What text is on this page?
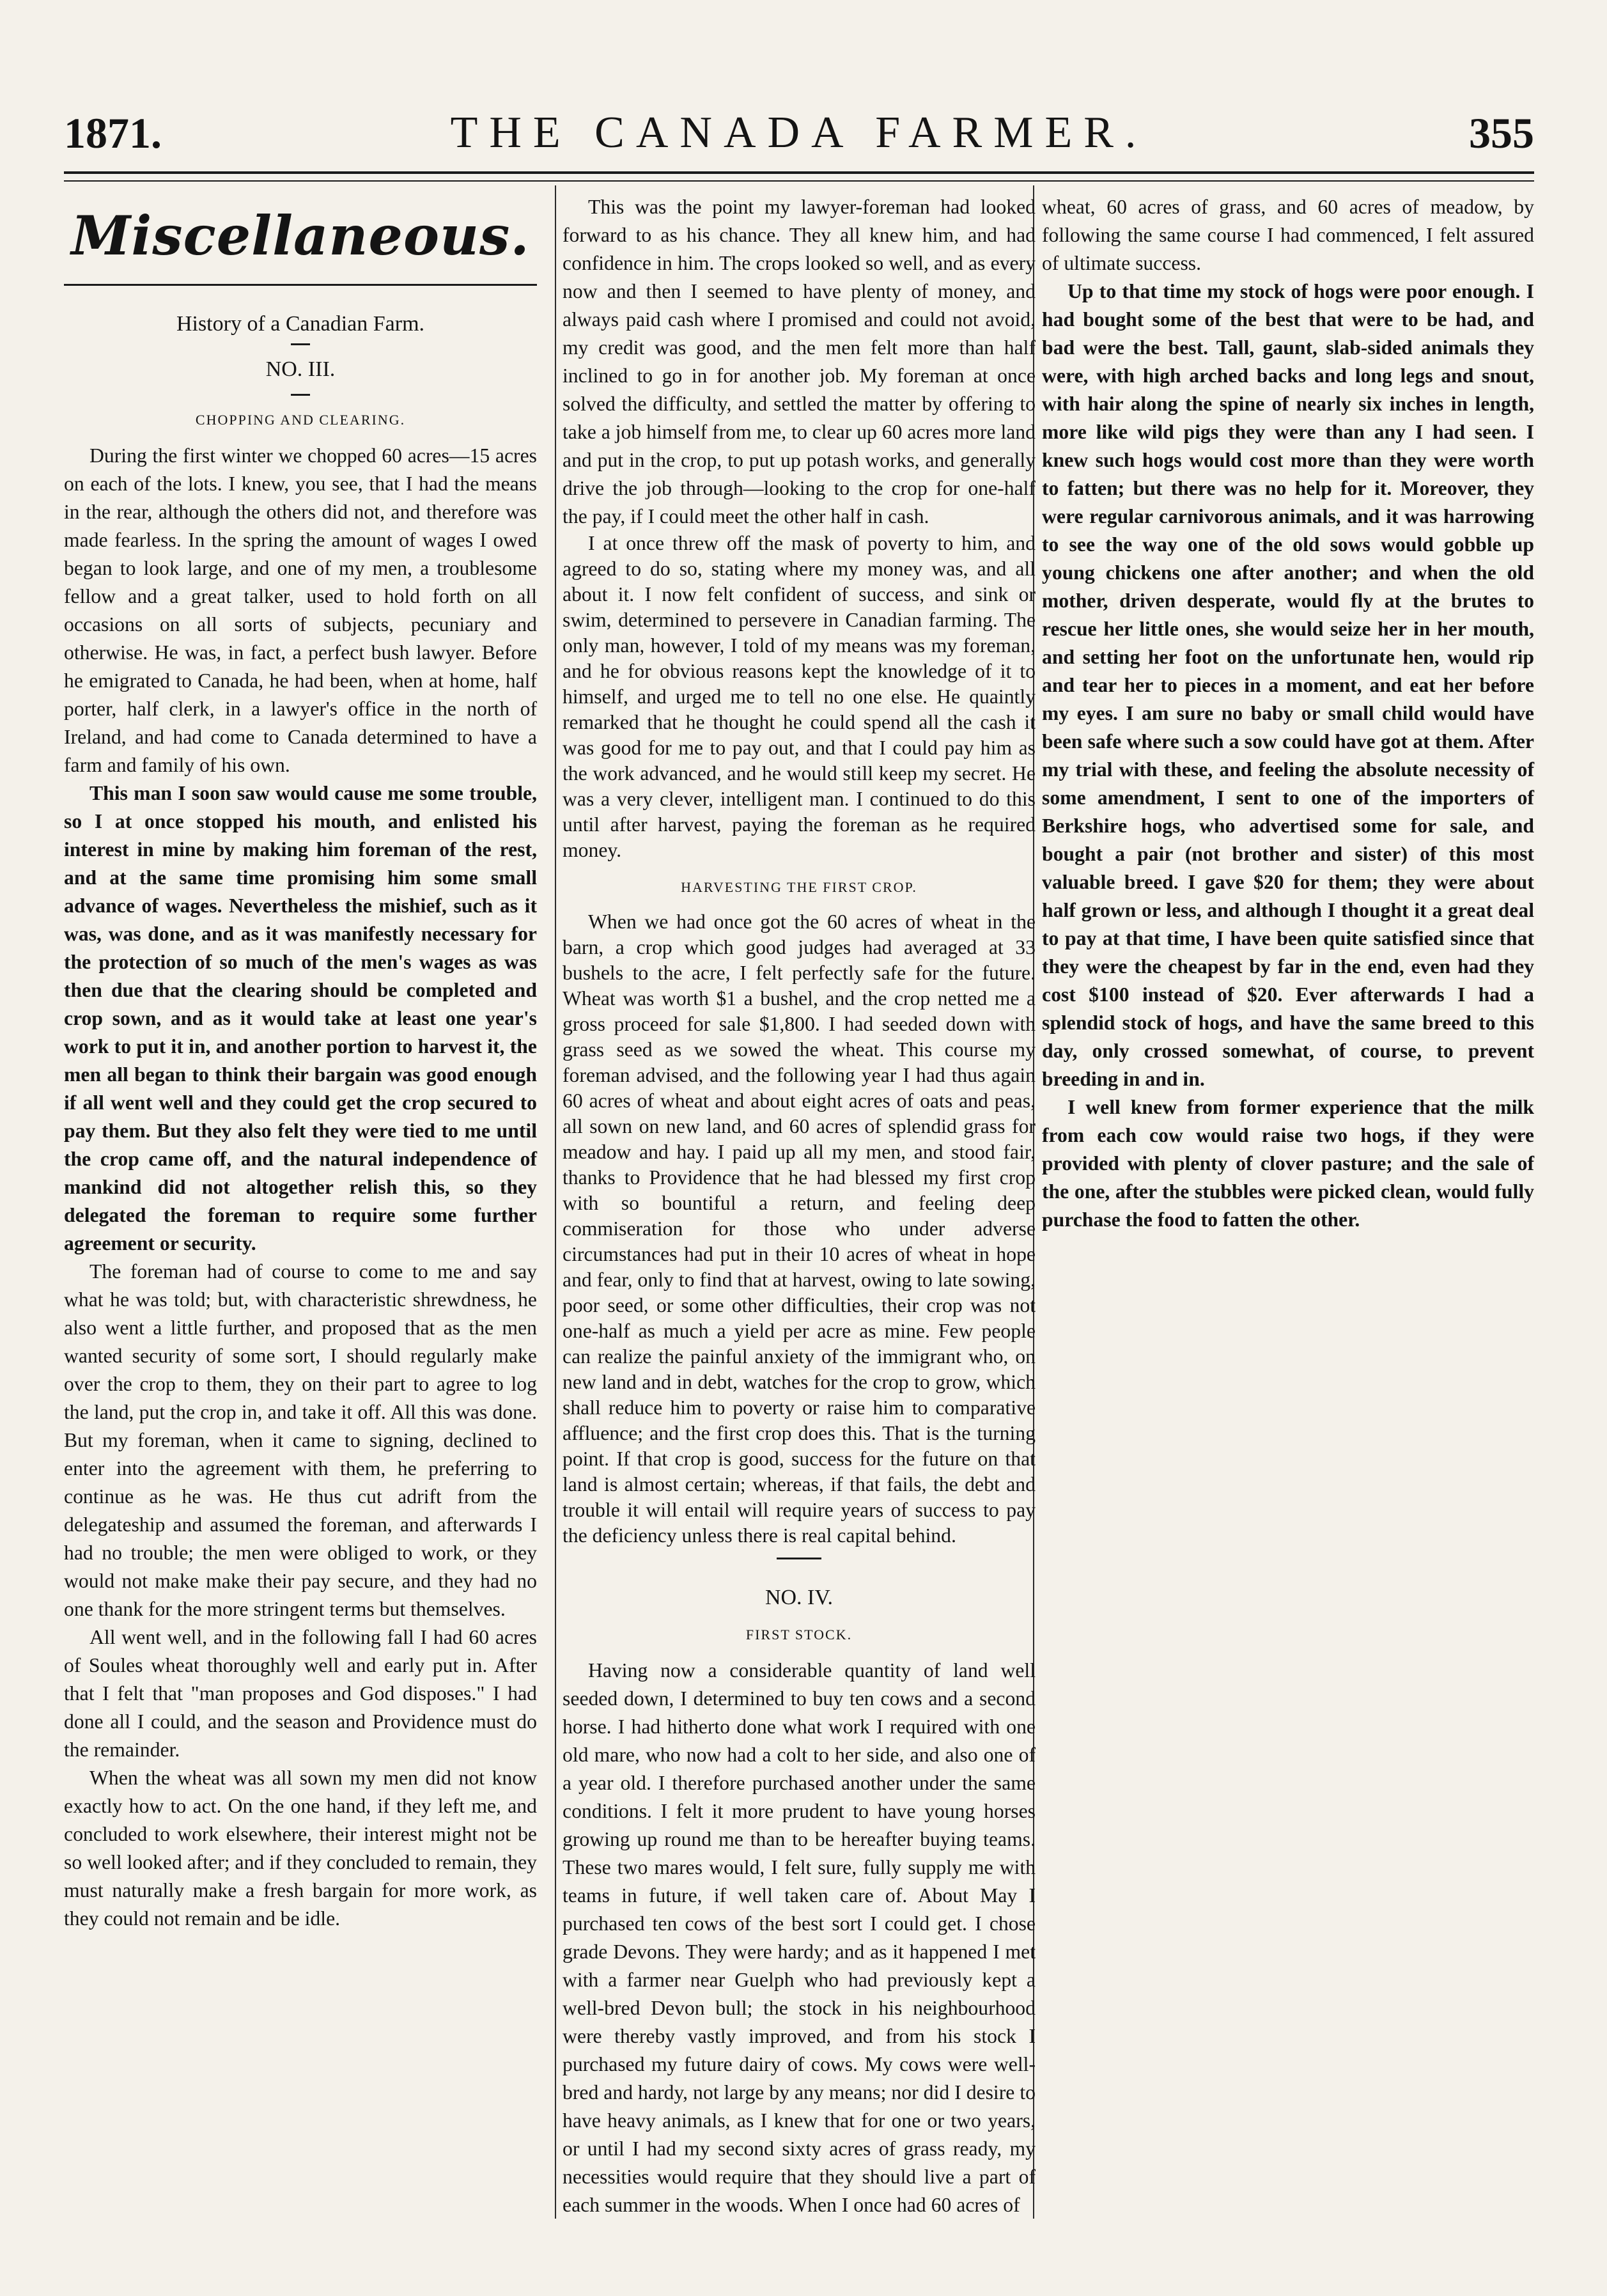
1871.	THE CANADA FARMER.	355
Miscellaneous.
History of a Canadian Farm.
NO. III.
CHOPPING AND CLEARING.

During the first winter we chopped 60 acres—15 acres on each of the lots. I knew, you see, that I had the means in the rear, although the others did not, and therefore was made fearless. In the spring the amount of wages I owed began to look large, and one of my men, a troublesome fellow and a great talker, used to hold forth on all occasions on all sorts of subjects, pecuniary and otherwise. He was, in fact, a perfect bush lawyer. Before he emigrated to Canada, he had been, when at home, half porter, half clerk, in a lawyer's office in the north of Ireland, and had come to Canada determined to have a farm and family of his own.

This man I soon saw would cause me some trouble, so I at once stopped his mouth, and enlisted his interest in mine by making him foreman of the rest, and at the same time promising him some small advance of wages. Nevertheless the mishief, such as it was, was done, and as it was manifestly necessary for the protection of so much of the men's wages as was then due that the clearing should be completed and crop sown, and as it would take at least one year's work to put it in, and another portion to harvest it, the men all began to think their bargain was good enough if all went well and they could get the crop secured to pay them. But they also felt they were tied to me until the crop came off, and the natural independence of mankind did not altogether relish this, so they delegated the foreman to require some further agreement or security.

The foreman had of course to come to me and say what he was told; but, with characteristic shrewdness, he also went a little further, and proposed that as the men wanted security of some sort, I should regularly make over the crop to them, they on their part to agree to log the land, put the crop in, and take it off. All this was done. But my foreman, when it came to signing, declined to enter into the agreement with them, he preferring to continue as he was. He thus cut adrift from the delegateship and assumed the foreman, and afterwards I had no trouble; the men were obliged to work, or they would not make make their pay secure, and they had no one thank for the more stringent terms but themselves.

All went well, and in the following fall I had 60 acres of Soules wheat thoroughly well and early put in. After that I felt that "man proposes and God disposes." I had done all I could, and the season and Providence must do the remainder.

When the wheat was all sown my men did not know exactly how to act. On the one hand, if they left me, and concluded to work elsewhere, their interest might not be so well looked after; and if they concluded to remain, they must naturally make a fresh bargain for more work, as they could not remain and be idle.

This was the point my lawyer-foreman had looked forward to as his chance. They all knew him, and had confidence in him. The crops looked so well, and as every now and then I seemed to have plenty of money, and always paid cash where I promised and could not avoid, my credit was good, and the men felt more than half inclined to go in for another job. My foreman at once solved the difficulty, and settled the matter by offering to take a job himself from me, to clear up 60 acres more land and put in the crop, to put up potash works, and generally drive the job through—looking to the crop for one-half the pay, if I could meet the other half in cash.

I at once threw off the mask of poverty to him, and agreed to do so, stating where my money was, and all about it. I now felt confident of success, and sink or swim, determined to persevere in Canadian farming. The only man, however, I told of my means was my foreman, and he for obvious reasons kept the knowledge of it to himself, and urged me to tell no one else. He quaintly remarked that he thought he could spend all the cash it was good for me to pay out, and that I could pay him as the work advanced, and he would still keep my secret. He was a very clever, intelligent man. I continued to do this until after harvest, paying the foreman as he required money.

HARVESTING THE FIRST CROP.

When we had once got the 60 acres of wheat in the barn, a crop which good judges had averaged at 33 bushels to the acre, I felt perfectly safe for the future. Wheat was worth $1 a bushel, and the crop netted me a gross proceed for sale $1,800. I had seeded down with grass seed as we sowed the wheat. This course my foreman advised, and the following year I had thus again 60 acres of wheat and about eight acres of oats and peas, all sown on new land, and 60 acres of splendid grass for meadow and hay. I paid up all my men, and stood fair, thanks to Providence that he had blessed my first crop with so bountiful a return, and feeling deep commiseration for those who under adverse circumstances had put in their 10 acres of wheat in hope and fear, only to find that at harvest, owing to late sowing, poor seed, or some other difficulties, their crop was not one-half as much a yield per acre as mine. Few people can realize the painful anxiety of the immigrant who, on new land and in debt, watches for the crop to grow, which shall reduce him to poverty or raise him to comparative affluence; and the first crop does this. That is the turning point. If that crop is good, success for the future on that land is almost certain; whereas, if that fails, the debt and trouble it will entail will require years of success to pay the deficiency unless there is real capital behind.

NO. IV.
FIRST STOCK.

Having now a considerable quantity of land well seeded down, I determined to buy ten cows and a second horse. I had hitherto done what work I required with one old mare, who now had a colt to her side, and also one of a year old. I therefore purchased another under the same conditions. I felt it more prudent to have young horses growing up round me than to be hereafter buying teams. These two mares would, I felt sure, fully supply me with teams in future, if well taken care of. About May I purchased ten cows of the best sort I could get. I chose grade Devons. They were hardy; and as it happened I met with a farmer near Guelph who had previously kept a well-bred Devon bull; the stock in his neighbourhood were thereby vastly improved, and from his stock I purchased my future dairy of cows. My cows were well-bred and hardy, not large by any means; nor did I desire to have heavy animals, as I knew that for one or two years, or until I had my second sixty acres of grass ready, my necessities would require that they should live a part of each summer in the woods. When I once had 60 acres of

wheat, 60 acres of grass, and 60 acres of meadow, by following the same course I had commenced, I felt assured of ultimate success.

Up to that time my stock of hogs were poor enough. I had bought some of the best that were to be had, and bad were the best. Tall, gaunt, slab-sided animals they were, with high arched backs and long legs and snout, with hair along the spine of nearly six inches in length, more like wild pigs they were than any I had seen. I knew such hogs would cost more than they were worth to fatten; but there was no help for it. Moreover, they were regular carnivorous animals, and it was harrowing to see the way one of the old sows would gobble up young chickens one after another; and when the old mother, driven desperate, would fly at the brutes to rescue her little ones, she would seize her in her mouth, and setting her foot on the unfortunate hen, would rip and tear her to pieces in a moment, and eat her before my eyes. I am sure no baby or small child would have been safe where such a sow could have got at them. After my trial with these, and feeling the absolute necessity of some amendment, I sent to one of the importers of Berkshire hogs, who advertised some for sale, and bought a pair (not brother and sister) of this most valuable breed. I gave $20 for them; they were about half grown or less, and although I thought it a great deal to pay at that time, I have been quite satisfied since that they were the cheapest by far in the end, even had they cost $100 instead of $20. Ever afterwards I had a splendid stock of hogs, and have the same breed to this day, only crossed somewhat, of course, to prevent breeding in and in.

I well knew from former experience that the milk from each cow would raise two hogs, if they were provided with plenty of clover pasture; and the sale of the one, after the stubbles were picked clean, would fully purchase the food to fatten the other.
